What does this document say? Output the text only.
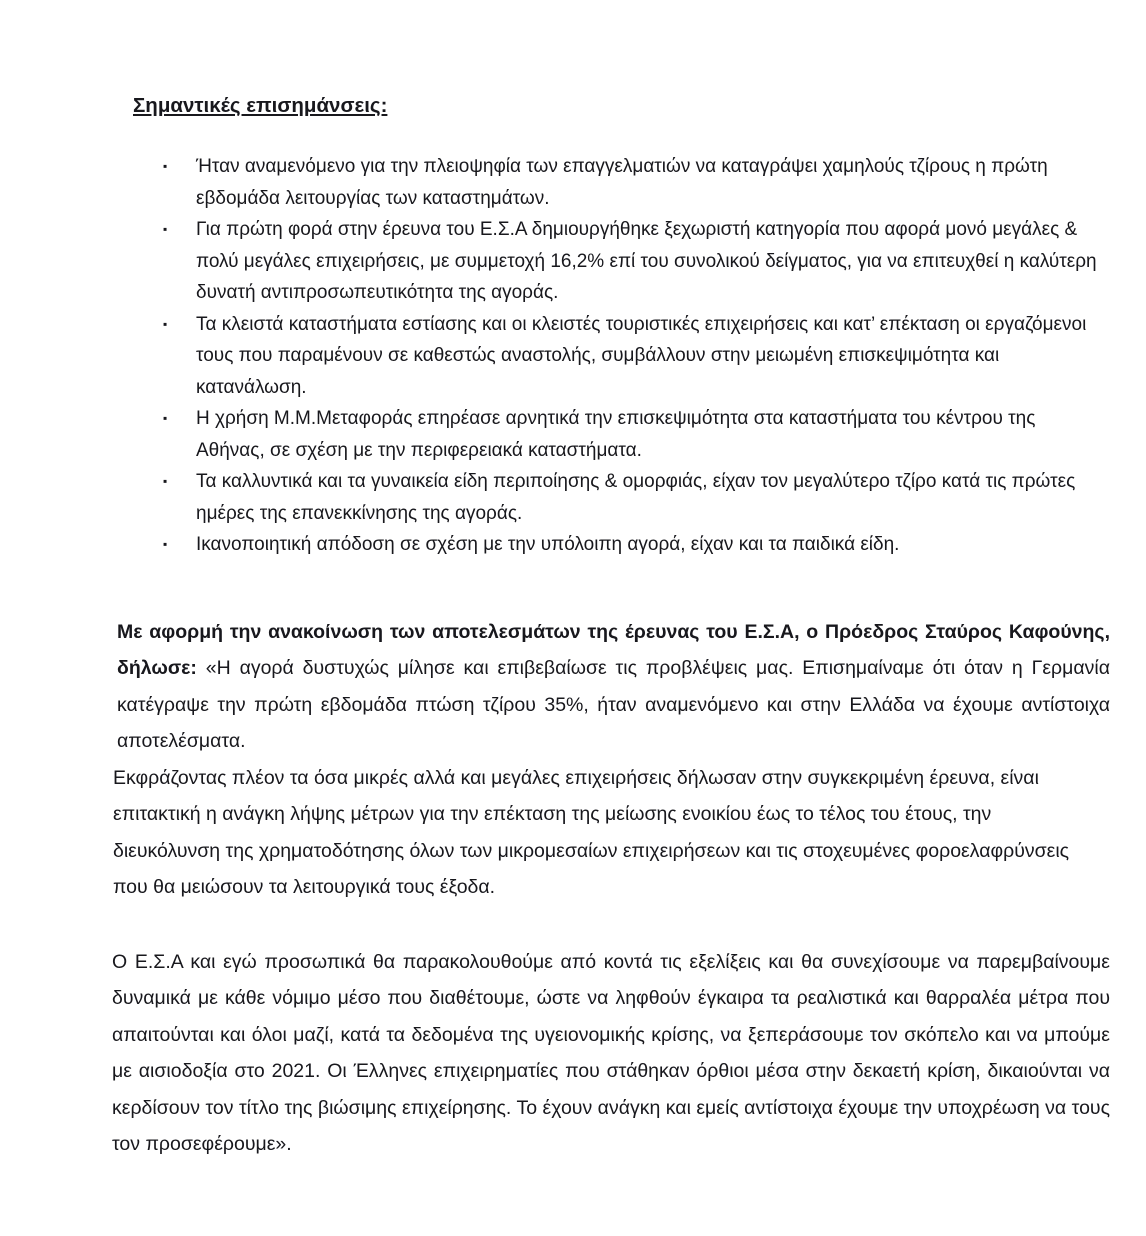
Σημαντικές επισημάνσεις:
▪	Ήταν αναμενόμενο για την πλειοψηφία των επαγγελματιών να καταγράψει χαμηλούς τζίρους η πρώτη εβδομάδα λειτουργίας των καταστημάτων.
▪	Για πρώτη φορά στην έρευνα του Ε.Σ.Α δημιουργήθηκε ξεχωριστή κατηγορία που αφορά μονό μεγάλες & πολύ μεγάλες επιχειρήσεις, με συμμετοχή 16,2% επί του συνολικού δείγματος, για να επιτευχθεί η καλύτερη δυνατή αντιπροσωπευτικότητα της αγοράς.
▪	Τα κλειστά καταστήματα εστίασης και οι κλειστές τουριστικές επιχειρήσεις και κατ’ επέκταση οι εργαζόμενοι τους που παραμένουν σε καθεστώς αναστολής, συμβάλλουν στην μειωμένη επισκεψιμότητα και κατανάλωση.
▪	Η χρήση Μ.Μ.Μεταφοράς επηρέασε αρνητικά την επισκεψιμότητα στα καταστήματα του κέντρου της Αθήνας, σε σχέση με την περιφερειακά καταστήματα.
▪	Τα καλλυντικά και τα γυναικεία είδη περιποίησης & ομορφιάς, είχαν τον μεγαλύτερο τζίρο κατά τις πρώτες ημέρες της επανεκκίνησης της αγοράς.
▪	Ικανοποιητική απόδοση σε σχέση με την υπόλοιπη αγορά, είχαν και τα παιδικά είδη.

Με αφορμή την ανακοίνωση των αποτελεσμάτων της έρευνας του Ε.Σ.Α, ο Πρόεδρος Σταύρος Καφούνης, δήλωσε: «Η αγορά δυστυχώς μίλησε και επιβεβαίωσε τις προβλέψεις μας. Επισημαίναμε ότι όταν η Γερμανία κατέγραψε την πρώτη εβδομάδα πτώση τζίρου 35%, ήταν αναμενόμενο και στην Ελλάδα να έχουμε αντίστοιχα αποτελέσματα.

Εκφράζοντας πλέον τα όσα μικρές αλλά και μεγάλες επιχειρήσεις δήλωσαν στην συγκεκριμένη έρευνα, είναι επιτακτική η ανάγκη λήψης μέτρων για την επέκταση της μείωσης ενοικίου έως το τέλος του έτους, την διευκόλυνση της χρηματοδότησης όλων των μικρομεσαίων επιχειρήσεων και τις στοχευμένες φοροελαφρύνσεις που θα μειώσουν τα λειτουργικά τους έξοδα.

Ο Ε.Σ.Α και εγώ προσωπικά θα παρακολουθούμε από κοντά τις εξελίξεις και θα συνεχίσουμε να παρεμβαίνουμε δυναμικά με κάθε νόμιμο μέσο που διαθέτουμε, ώστε να ληφθούν έγκαιρα τα ρεαλιστικά και θαρραλέα μέτρα που απαιτούνται και όλοι μαζί, κατά τα δεδομένα της υγειονομικής κρίσης, να ξεπεράσουμε τον σκόπελο και να μπούμε με αισιοδοξία στο 2021. Οι Έλληνες επιχειρηματίες που στάθηκαν όρθιοι μέσα στην δεκαετή κρίση, δικαιούνται να κερδίσουν τον τίτλο της βιώσιμης επιχείρησης. Το έχουν ανάγκη και εμείς αντίστοιχα έχουμε την υποχρέωση να τους τον προσεφέρουμε».
